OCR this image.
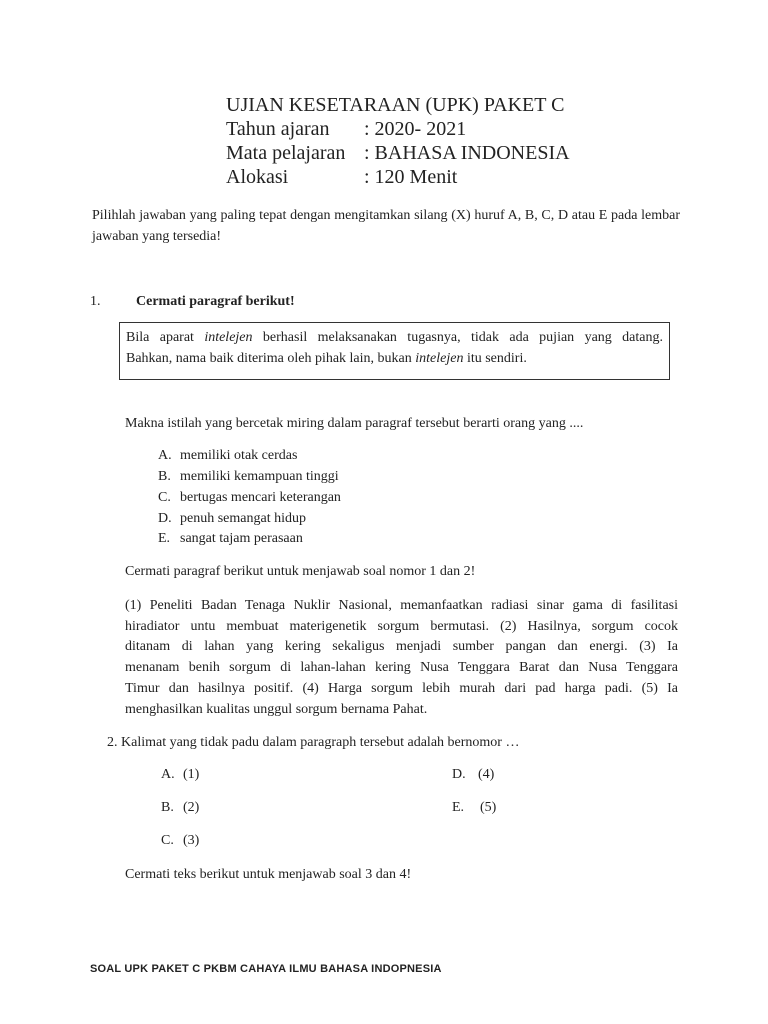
UJIAN KESETARAAN (UPK) PAKET C
Tahun ajaran	: 2020- 2021
Mata pelajaran : BAHASA INDONESIA
Alokasi	: 120 Menit
Pilihlah jawaban yang paling tepat dengan mengitamkan silang (X) huruf A, B, C, D atau E pada lembar jawaban yang tersedia!
1.	Cermati paragraf berikut!
Bila aparat intelejen berhasil melaksanakan tugasnya, tidak ada pujian yang datang.
Bahkan, nama baik diterima oleh pihak lain, bukan intelejen itu sendiri.
Makna istilah yang bercetak miring dalam paragraf tersebut berarti orang yang ....
A. memiliki otak cerdas
B. memiliki kemampuan tinggi
C. bertugas mencari keterangan
D. penuh semangat hidup
E. sangat tajam perasaan
Cermati paragraf berikut untuk menjawab soal nomor 1 dan 2!
(1) Peneliti Badan Tenaga Nuklir Nasional, memanfaatkan radiasi sinar gama di fasilitasi
hiradiator untu membuat materigenetik sorgum bermutasi. (2) Hasilnya, sorgum cocok
ditanam di lahan yang kering sekaligus menjadi sumber pangan dan energi. (3) Ia
menanam benih sorgum di lahan-lahan kering Nusa Tenggara Barat dan Nusa Tenggara
Timur dan hasilnya positif. (4) Harga sorgum lebih murah dari pad harga padi. (5) Ia
menghasilkan kualitas unggul sorgum bernama Pahat.
2. Kalimat yang tidak padu dalam paragraph tersebut adalah bernomor …
A. (1)
B. (2)
C. (3)
D. (4)
E. (5)
Cermati teks berikut untuk menjawab soal 3 dan 4!
SOAL UPK PAKET C PKBM CAHAYA ILMU BAHASA INDOPNESIA
